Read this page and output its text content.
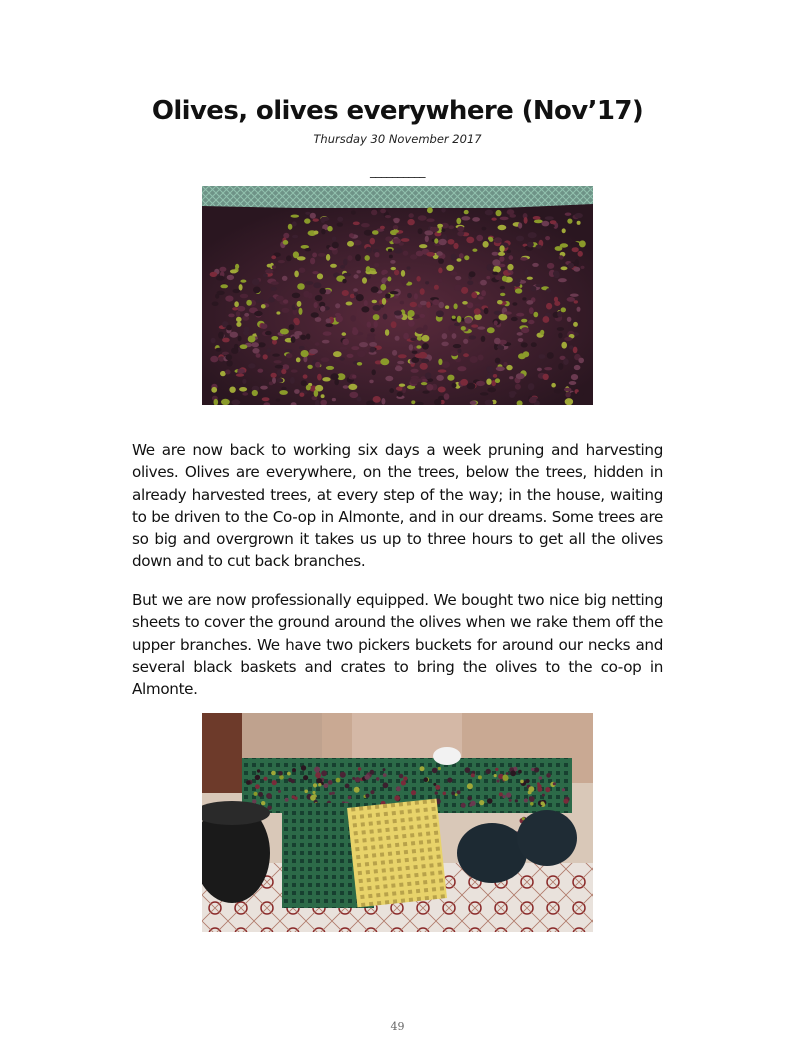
Olives, olives everywhere (Nov’17)
Thursday 30 November 2017
__________

We are now back to working six days a week pruning and harvesting olives. Olives are everywhere, on the trees, below the trees, hidden in already harvested trees, at every step of the way; in the house, waiting to be driven to the Co-op in Almonte, and in our dreams. Some trees are so big and overgrown it takes us up to three hours to get all the olives down and to cut back branches.

But we are now professionally equipped. We bought two nice big netting sheets to cover the ground around the olives when we rake them off the upper branches. We have two pickers buckets for around our necks and several black baskets and crates to bring the olives to the co-op in Almonte.

49
